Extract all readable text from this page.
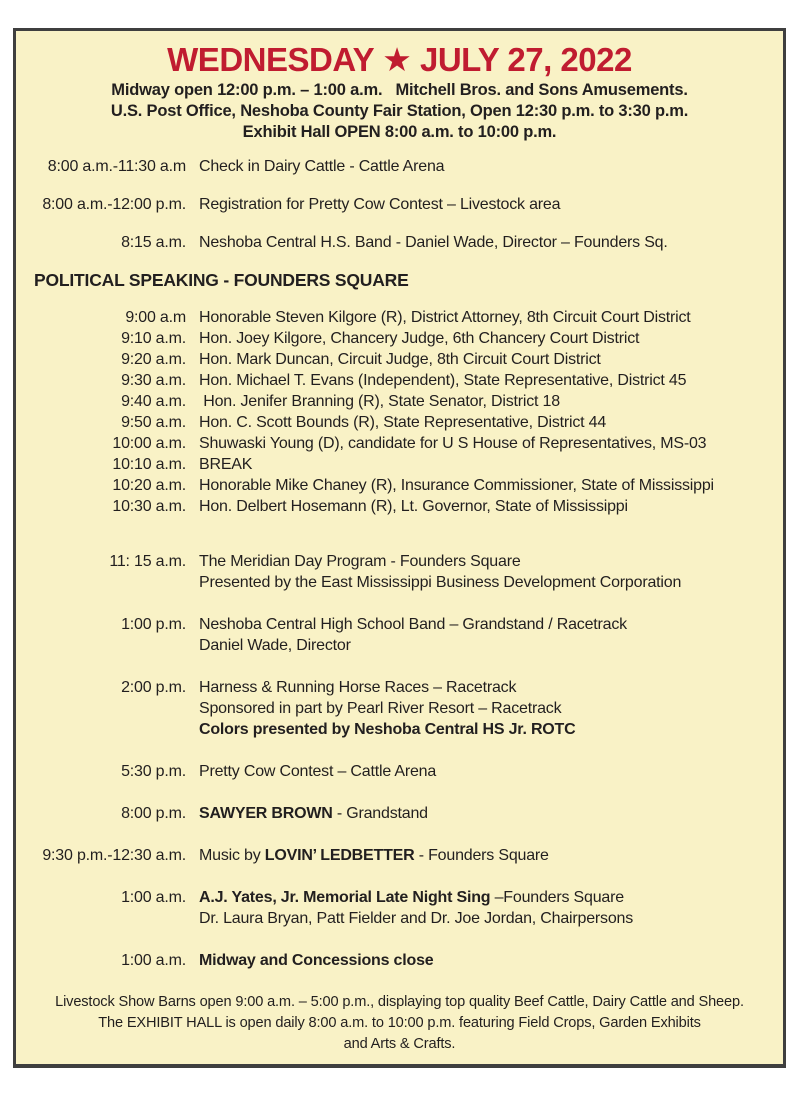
WEDNESDAY ★ JULY 27, 2022
Midway open 12:00 p.m. – 1:00 a.m.   Mitchell Bros. and Sons Amusements.
U.S. Post Office, Neshoba County Fair Station, Open 12:30 p.m. to 3:30 p.m.
Exhibit Hall OPEN 8:00 a.m. to 10:00 p.m.
8:00 a.m.-11:30 a.m Check in Dairy Cattle - Cattle Arena
8:00 a.m.-12:00 p.m. Registration for Pretty Cow Contest – Livestock area
8:15 a.m. Neshoba Central H.S. Band - Daniel Wade, Director – Founders Sq.
POLITICAL SPEAKING - FOUNDERS SQUARE
9:00 a.m Honorable Steven Kilgore (R), District Attorney, 8th Circuit Court District
9:10 a.m. Hon. Joey Kilgore, Chancery Judge, 6th Chancery Court District
9:20 a.m. Hon. Mark Duncan, Circuit Judge, 8th Circuit Court District
9:30 a.m. Hon. Michael T. Evans (Independent), State Representative, District 45
9:40 a.m. Hon. Jenifer Branning (R), State Senator, District 18
9:50 a.m. Hon. C. Scott Bounds (R), State Representative, District 44
10:00 a.m. Shuwaski Young (D), candidate for U S House of Representatives, MS-03
10:10 a.m. BREAK
10:20 a.m. Honorable Mike Chaney (R), Insurance Commissioner, State of Mississippi
10:30 a.m. Hon. Delbert Hosemann (R), Lt. Governor, State of Mississippi
11: 15 a.m. The Meridian Day Program - Founders Square
Presented by the East Mississippi Business Development Corporation
1:00 p.m. Neshoba Central High School Band – Grandstand / Racetrack
Daniel Wade, Director
2:00 p.m. Harness & Running Horse Races – Racetrack
Sponsored in part by Pearl River Resort – Racetrack
Colors presented by Neshoba Central HS Jr. ROTC
5:30 p.m. Pretty Cow Contest – Cattle Arena
8:00 p.m. SAWYER BROWN - Grandstand
9:30 p.m.-12:30 a.m. Music by LOVIN’ LEDBETTER - Founders Square
1:00 a.m. A.J. Yates, Jr. Memorial Late Night Sing –Founders Square
Dr. Laura Bryan, Patt Fielder and Dr. Joe Jordan, Chairpersons
1:00 a.m. Midway and Concessions close
Livestock Show Barns open 9:00 a.m. – 5:00 p.m., displaying top quality Beef Cattle, Dairy Cattle and Sheep.
The EXHIBIT HALL is open daily 8:00 a.m. to 10:00 p.m. featuring Field Crops, Garden Exhibits
and Arts & Crafts.
